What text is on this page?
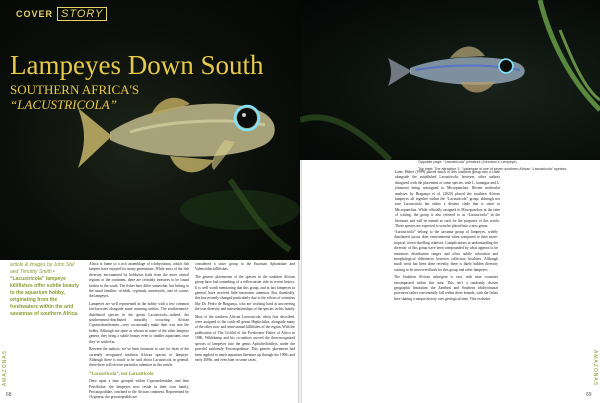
COVER STORY
Lampeyes Down South
SOUTHERN AFRICA'S
“LACUSTRICOLA”
Opposite page: “Lacustricola” johnstoni (Johnston’s Lampeye).
Top inset: The attractive “L.” katangae is one of seven southern African “Lacustricola” species.
article & images by John Stel and Timothy Smith • “Lacustricola” lampeye killifishes offer subtle beauty to the aquarium hobby, originating from the freshwaters within the arid savannas of southern Africa.

Africa is home to a rich assemblage of ichthyofauna, which fish keepers have enjoyed for many generations. While most of the fish diversity encountered by hobbyists hails from the more central regions of the continent, there are certainly treasures to be found further to the south. The fishes here differ somewhat, but belong to the usual families: cichlids, cyprinids, mormyrids, and of course, the lampeyes.

Lampeyes are well represented in the hobby with a few common fan-favorites alongside some stunning rarities. The southernmost-distributed species in the genus Lacustricola—indeed, the southernmost-distributed naturally occurring African Cyprinodontiformes—very occasionally make their way into the hobby. Although not quite as vibrant as some of the other lampeye genera, they bring a subtle beauty even to smaller aquariums once they’ve settled in.

Between the authors, we’ve been fortunate to care for three of the currently recognized southern African species of lampeye. Although there is much to be said about Lacustricola in general, these three will receive particular attention in this article.

“Lacustricola”, not Lacustricola

Once upon a time grouped within Cyprinodontidae, and then Poeciliidae, the lampeyes now reside in their own family, Procatopodidae, confined to the African continent. Represented by 16 genera, the procatopodids are

considered a sister group to the Eurasian Aphaniidae and Valenciidae killifishes.

The generic placements of the species in the southern African group have had something of a rollercoaster ride in recent history. It is well worth mentioning that this group, and in fact lampeyes in general, have received little taxonomic attention. But, thankfully, this has recently changed particularly due to the efforts of scientists like Dr. Pedro de Bragança, who are working hard at uncovering the true diversity and interrelationships of the species in this family.

Most of the southern African Lacustricola, when first described, were assigned to the catch-all genus Haplochilus, alongside many of the other non- and semi-annual killifishes of the region. With the publication of The Cichlid of the Freshwater Fishes of Africa in 1986, Wildekamp and his co-authors moved the then-recognized species of lampeyes into the genus Aplocheilichthys, under the poecilid subfamily Procatopodinae. This generic placement had been applied to much aquarium literature up through the 1990s and early 2000s, and even later in some cases.

Later, Huber (1999) placed much of this southern group into a clade alongside the established Lacustricola; however, other authors disagreed with the placement of some species, with L. katangae and L. johnstoni being reassigned to Micropanchax. Recent molecular analyses by Bragança et al. (2020) placed the southern African lampeyes all together within the “Lacustricola” group; although not true Lacustricola but rather a distinct clade that is sister to Micropanchax. While officially assigned to Micropanchax at the time of writing, the group is also referred to as “Lacustricola” in the literature and will be named as such for the purposes of this article. These species are expected to soon be placed into a new genus.

“Lacustricola” belong to the savanna group of lampeyes, widely distributed across drier environments when compared to their more-tropical, forest-dwelling relatives. Complications to understanding the diversity of this group have been compounded by what appears to be enormous distribution ranges and often subtle coloration and morphological differences between collection localities. Although much work has been done recently, there is likely hidden diversity waiting to be uncovered both for this group and other lampeyes.

The Southern African subregion is vast, with nine countries encompassed within this area. This isn’t a randomly chosen geographic limitation: the Zambezi and Southern ichthyofaunal provinces rather conveniently fall within these bounds, with the fishes here sharing a unique history over geological time. This excludes

AMAZONAS	AMAZONAS
68	69
